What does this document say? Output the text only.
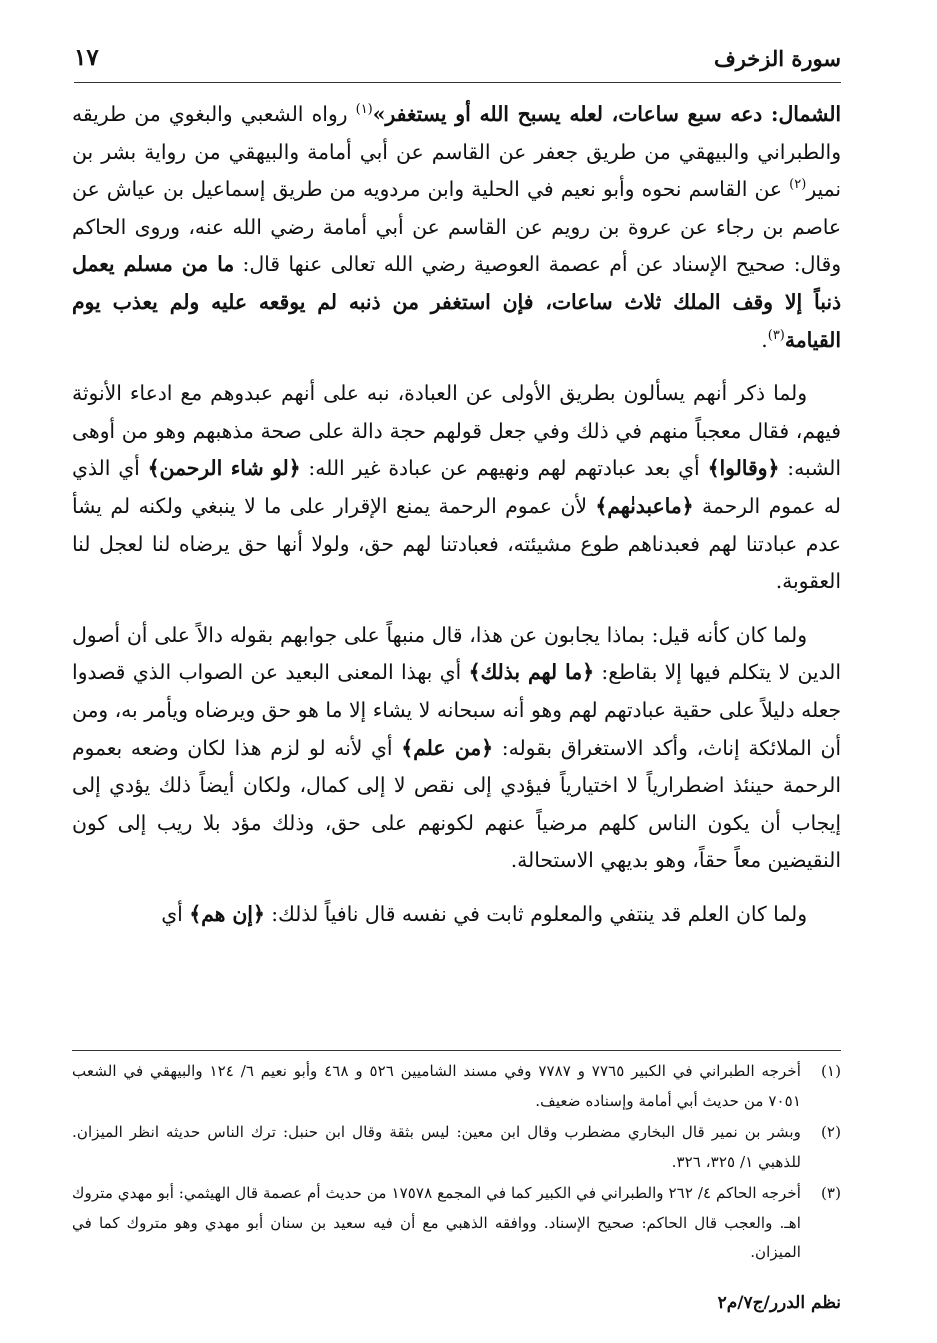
سورة الزخرف
١٧

الشمال: دعه سبع ساعات، لعله يسبح الله أو يستغفر»$^{(١)}$ رواه الشعبي والبغوي من طريقه والطبراني والبيهقي من طريق جعفر عن القاسم عن أبي أمامة والبيهقي من رواية بشر بن نمير$^{(٢)}$ عن القاسم نحوه وأبو نعيم في الحلية وابن مردويه من طريق إسماعيل بن عياش عن عاصم بن رجاء عن عروة بن رويم عن القاسم عن أبي أمامة رضي الله عنه، وروى الحاكم وقال: صحيح الإسناد عن أم عصمة العوصية رضي الله تعالى عنها قال: ما من مسلم يعمل ذنباً إلا وقف الملك ثلاث ساعات، فإن استغفر من ذنبه لم يوقعه عليه ولم يعذب يوم القيامة$^{(٣)}$.

ولما ذكر أنهم يسألون بطريق الأولى عن العبادة، نبه على أنهم عبدوهم مع ادعاء الأنوثة فيهم، فقال معجباً منهم في ذلك وفي جعل قولهم حجة دالة على صحة مذهبهم وهو من أوهى الشبه: ﴿وقالوا﴾ أي بعد عبادتهم لهم ونهيهم عن عبادة غير الله: ﴿لو شاء الرحمن﴾ أي الذي له عموم الرحمة ﴿ماعبدنٰهم﴾ لأن عموم الرحمة يمنع الإقرار على ما لا ينبغي ولكنه لم يشأ عدم عبادتنا لهم فعبدناهم طوع مشيئته، فعبادتنا لهم حق، ولولا أنها حق يرضاه لنا لعجل لنا العقوبة.

ولما كان كأنه قيل: بماذا يجابون عن هذا، قال منبهاً على جوابهم بقوله دالاً على أن أصول الدين لا يتكلم فيها إلا بقاطع: ﴿ما لهم بذلك﴾ أي بهذا المعنى البعيد عن الصواب الذي قصدوا جعله دليلاً على حقية عبادتهم لهم وهو أنه سبحانه لا يشاء إلا ما هو حق ويرضاه ويأمر به، ومن أن الملائكة إناث، وأكد الاستغراق بقوله: ﴿من علم﴾ أي لأنه لو لزم هذا لكان وضعه بعموم الرحمة حينئذ اضطرارياً لا اختيارياً فيؤدي إلى نقص لا إلى كمال، ولكان أيضاً ذلك يؤدي إلى إيجاب أن يكون الناس كلهم مرضياً عنهم لكونهم على حق، وذلك مؤد بلا ريب إلى كون النقيضين معاً حقاً، وهو بديهي الاستحالة.

ولما كان العلم قد ينتفي والمعلوم ثابت في نفسه قال نافياً لذلك: ﴿إن هم﴾ أي

(١)
أخرجه الطبراني في الكبير ٧٧٦٥ و ٧٧٨٧ وفي مسند الشاميين ٥٢٦ و ٤٦٨ وأبو نعيم ٦/ ١٢٤ والبيهقي في الشعب ٧٠٥١ من حديث أبي أمامة وإسناده ضعيف.
(٢)
وبشر بن نمير قال البخاري مضطرب وقال ابن معين: ليس بثقة وقال ابن حنبل: ترك الناس حديثه انظر الميزان. للذهبي ١/ ٣٢٥، ٣٢٦.
(٣)
أخرجه الحاكم ٤/ ٢٦٢ والطبراني في الكبير كما في المجمع ١٧٥٧٨ من حديث أم عصمة قال الهيثمي: أبو مهدي متروك اهـ. والعجب قال الحاكم: صحيح الإسناد. ووافقه الذهبي مع أن فيه سعيد بن سنان أبو مهدي وهو متروك كما في الميزان.
نظم الدرر/ج٧/م٢
